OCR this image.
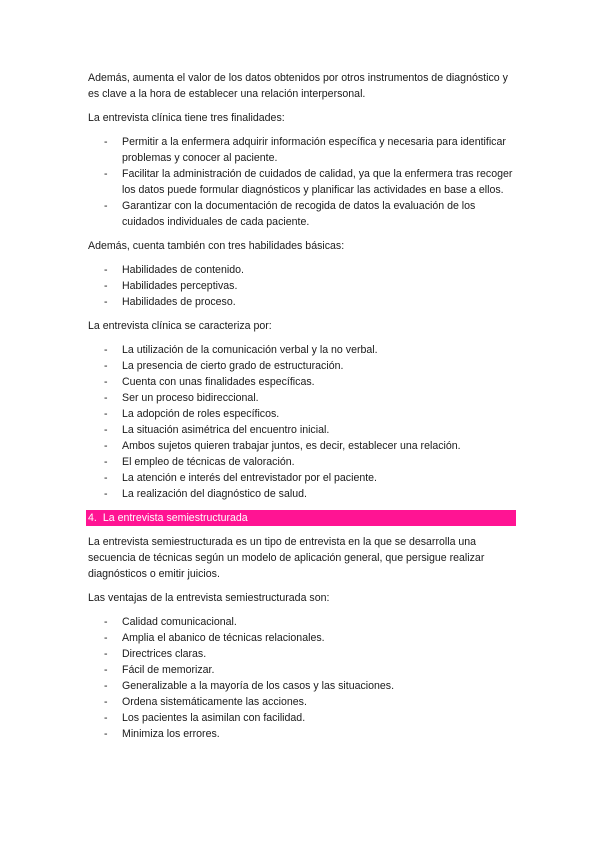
Además, aumenta el valor de los datos obtenidos por otros instrumentos de diagnóstico y es clave a la hora de establecer una relación interpersonal.

La entrevista clínica tiene tres finalidades:

- Permitir a la enfermera adquirir información específica y necesaria para identificar problemas y conocer al paciente.
- Facilitar la administración de cuidados de calidad, ya que la enfermera tras recoger los datos puede formular diagnósticos y planificar las actividades en base a ellos.
- Garantizar con la documentación de recogida de datos la evaluación de los cuidados individuales de cada paciente.

Además, cuenta también con tres habilidades básicas:

- Habilidades de contenido.
- Habilidades perceptivas.
- Habilidades de proceso.

La entrevista clínica se caracteriza por:

- La utilización de la comunicación verbal y la no verbal.
- La presencia de cierto grado de estructuración.
- Cuenta con unas finalidades específicas.
- Ser un proceso bidireccional.
- La adopción de roles específicos.
- La situación asimétrica del encuentro inicial.
- Ambos sujetos quieren trabajar juntos, es decir, establecer una relación.
- El empleo de técnicas de valoración.
- La atención e interés del entrevistador por el paciente.
- La realización del diagnóstico de salud.
4. La entrevista semiestructurada

La entrevista semiestructurada es un tipo de entrevista en la que se desarrolla una secuencia de técnicas según un modelo de aplicación general, que persigue realizar diagnósticos o emitir juicios.

Las ventajas de la entrevista semiestructurada son:

- Calidad comunicacional.
- Amplia el abanico de técnicas relacionales.
- Directrices claras.
- Fácil de memorizar.
- Generalizable a la mayoría de los casos y las situaciones.
- Ordena sistemáticamente las acciones.
- Los pacientes la asimilan con facilidad.
- Minimiza los errores.
